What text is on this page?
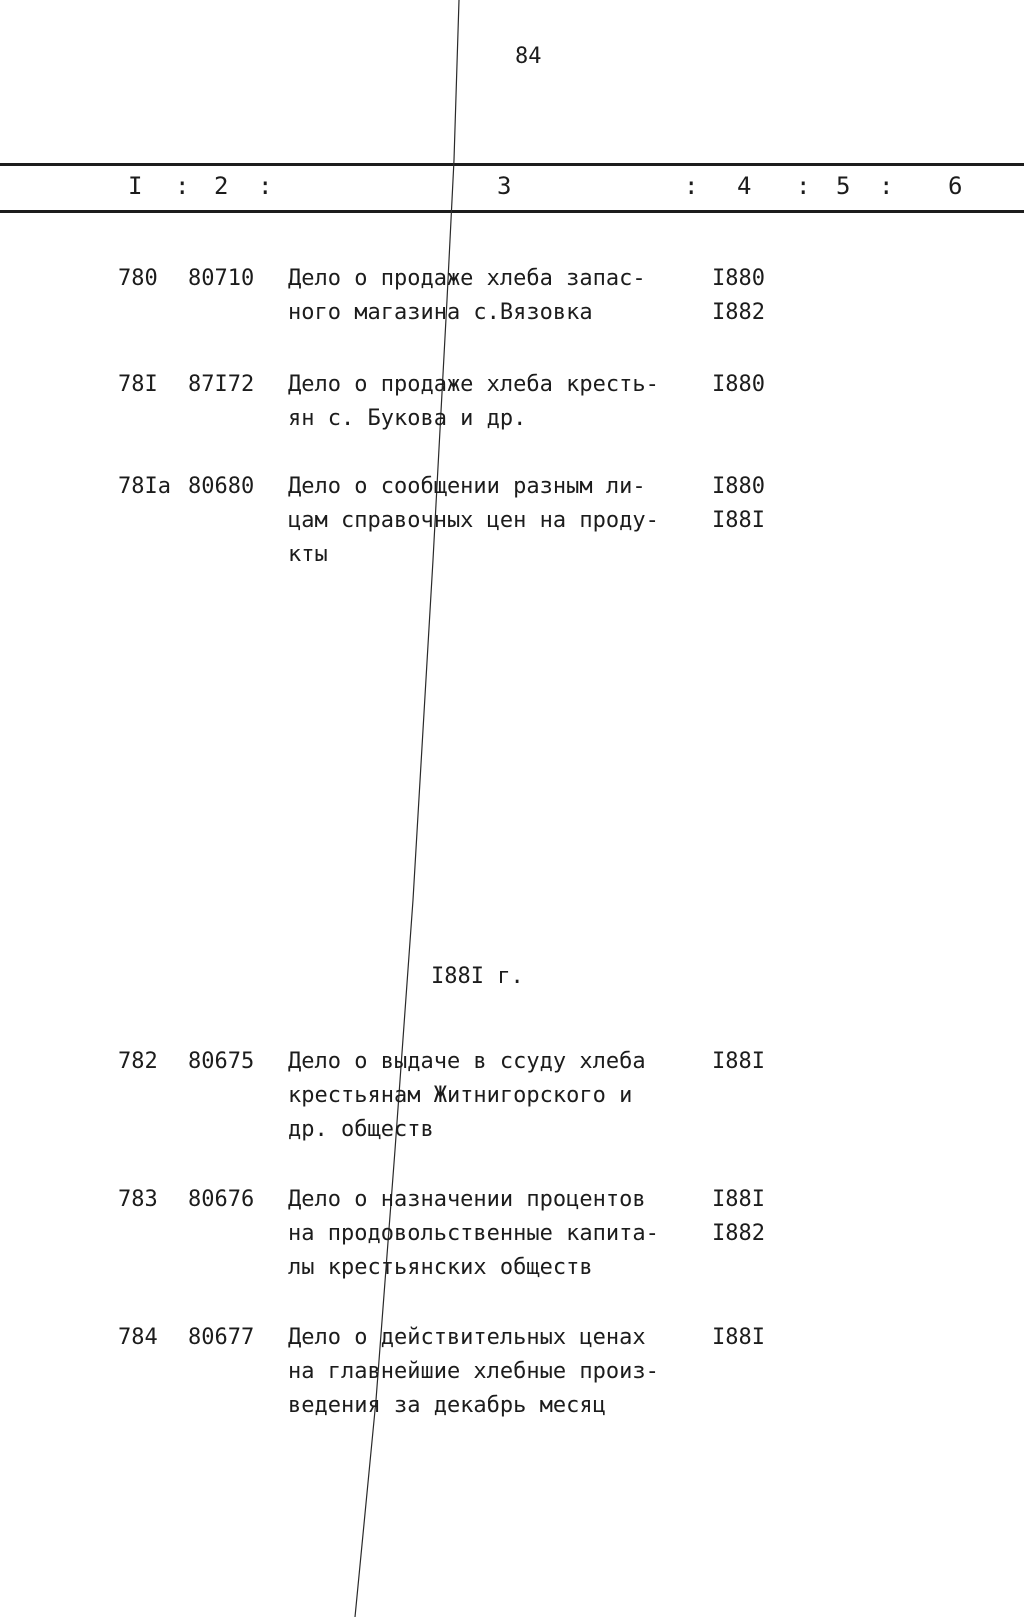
84
I : 2 :	3	: 4 : 5 : 6
780 80710 Дело о продаже хлеба запас-
ного магазина с.Вязовка
I880
I882
78I 87I72 Дело о продаже хлеба кресть-
ян с. Букова и др.
I880
78Iа 80680 Дело о сообщении разным ли-
цам справочных цен на проду-
кты
I880
I88I
I88I г.
782 80675 Дело о выдаче в ссуду хлеба
крестьянам Житнигорского и
др. обществ
I88I
783 80676 Дело о назначении процентов
на продовольственные капита-
лы крестьянских обществ
I88I
I882
784 80677 Дело о действительных ценах
на главнейшие хлебные произ-
ведения за декабрь месяц
I88I
